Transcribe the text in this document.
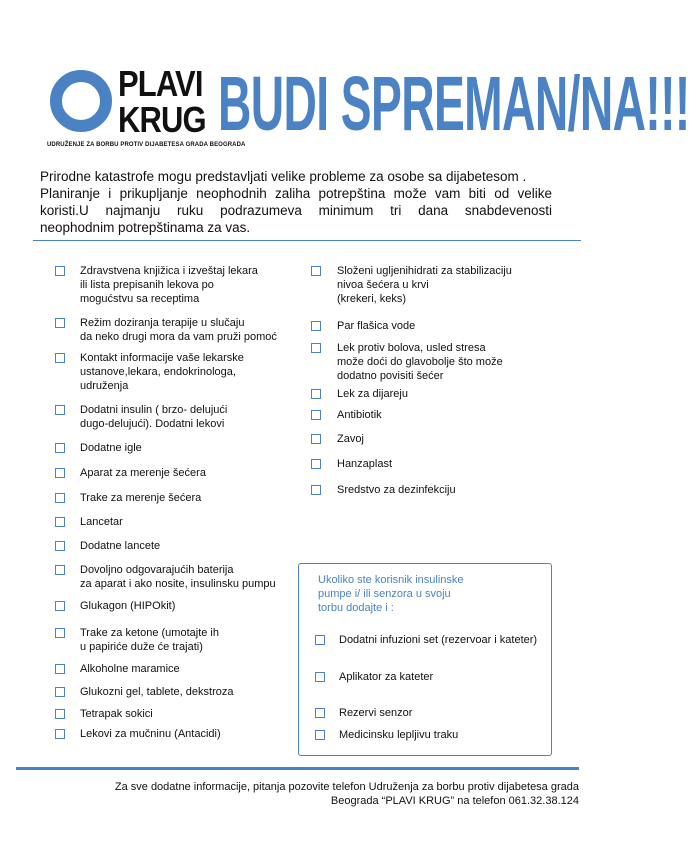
PLAVI
KRUG
UDRUŽENJE ZA BORBU PROTIV DIJABETESA GRADA BEOGRADA
BUDI SPREMAN/NA!!!

Prirodne katastrofe mogu predstavljati velike probleme za osobe sa dijabetesom .

Planiranje i prikupljanje neophodnih zaliha potrepština može vam biti od velike

koristi.U najmanju ruku podrazumeva minimum tri dana snabdevenosti

neophodnim potrepštinama za vas.

Zdravstvena knjižica i izveštaj lekara
ili lista prepisanih lekova po
mogućstvu sa receptima
Režim doziranja terapije u slučaju
da neko drugi mora da vam pruži pomoć
Kontakt informacije vaše lekarske
ustanove,lekara, endokrinologa,
udruženja
Dodatni insulin ( brzo- delujući
dugo-delujući). Dodatni lekovi
Dodatne igle
Aparat za merenje šećera
Trake za merenje šećera
Lancetar
Dodatne lancete
Dovoljno odgovarajućih baterija
za aparat i ako nosite, insulinsku pumpu
Glukagon (HIPOkit)
Trake za ketone (umotajte ih
u papiriće duže će trajati)
Alkoholne maramice
Glukozni gel, tablete, dekstroza
Tetrapak sokici
Lekovi za mučninu (Antacidi)
Složeni ugljenihidrati za stabilizaciju
nivoa šećera u krvi
(krekeri, keks)
Par flašica vode
Lek protiv bolova, usled stresa
može doći do glavobolje što može
dodatno povisiti šećer
Lek za dijareju
Antibiotik
Zavoj
Hanzaplast
Sredstvo za dezinfekciju
Dodatni infuzioni set (rezervoar i kateter)
Aplikator za kateter
Rezervi senzor
Medicinsku lepljivu traku
Ukoliko ste korisnik insulinske
pumpe i/ ili senzora u svoju
torbu dodajte i :
Za sve dodatne informacije, pitanja pozovite telefon Udruženja za borbu protiv dijabetesa grada
Beograda “PLAVI KRUG” na telefon 061.32.38.124
